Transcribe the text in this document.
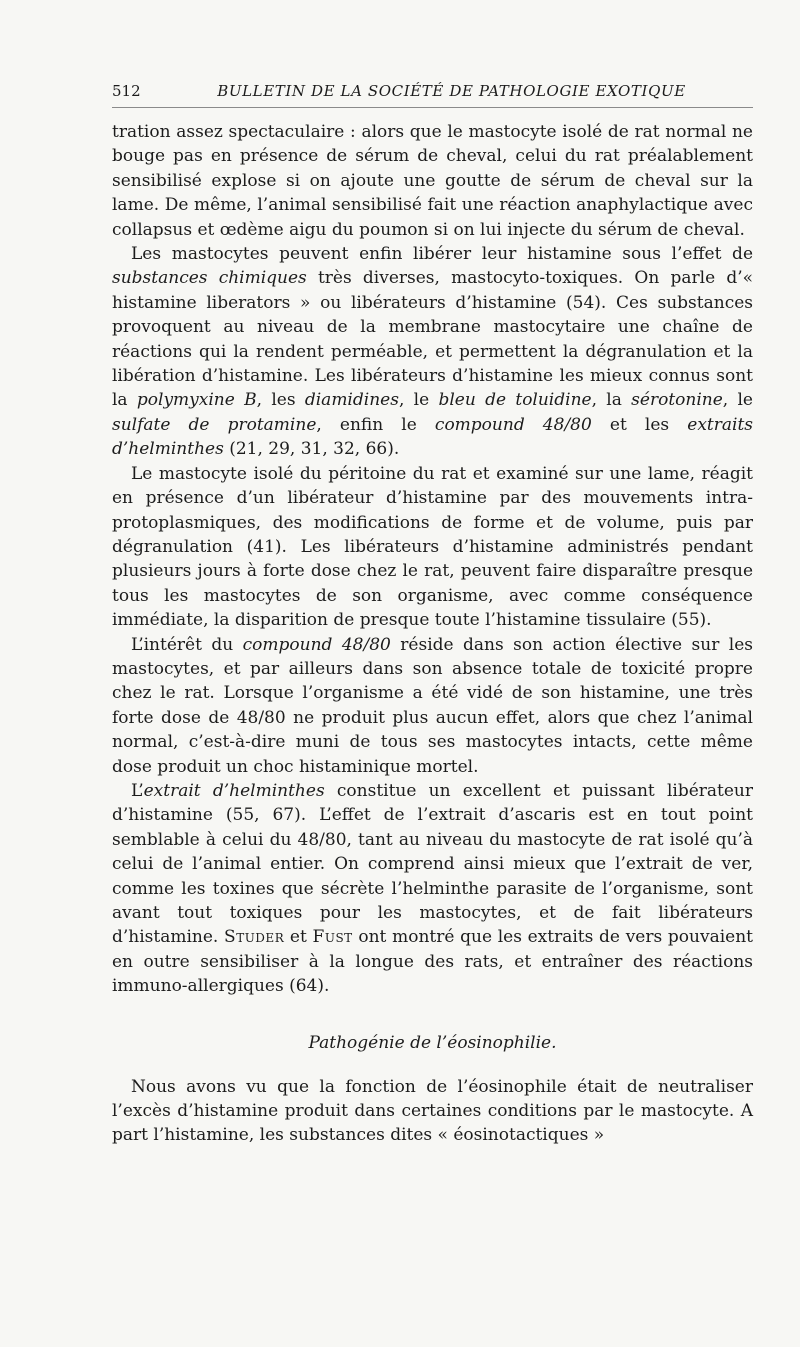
512	BULLETIN DE LA SOCIÉTÉ DE PATHOLOGIE EXOTIQUE

tration assez spectaculaire : alors que le mastocyte isolé de rat normal ne bouge pas en présence de sérum de cheval, celui du rat préalablement sensibilisé explose si on ajoute une goutte de sérum de cheval sur la lame. De même, l’animal sensibilisé fait une réaction anaphylactique avec collapsus et œdème aigu du poumon si on lui injecte du sérum de cheval.

Les mastocytes peuvent enfin libérer leur histamine sous l’effet de substances chimiques très diverses, mastocyto-toxiques. On parle d’« histamine liberators » ou libérateurs d’histamine (54). Ces substances provoquent au niveau de la membrane mastocytaire une chaîne de réactions qui la rendent perméable, et permettent la dégranulation et la libération d’histamine. Les libérateurs d’histamine les mieux connus sont la polymyxine B, les diamidines, le bleu de toluidine, la sérotonine, le sulfate de protamine, enfin le compound 48/80 et les extraits d’helminthes (21, 29, 31, 32, 66).

Le mastocyte isolé du péritoine du rat et examiné sur une lame, réagit en présence d’un libérateur d’histamine par des mouvements intra-protoplasmiques, des modifications de forme et de volume, puis par dégranulation (41). Les libérateurs d’histamine administrés pendant plusieurs jours à forte dose chez le rat, peuvent faire disparaître presque tous les mastocytes de son organisme, avec comme conséquence immédiate, la disparition de presque toute l’histamine tissulaire (55).

L’intérêt du compound 48/80 réside dans son action élective sur les mastocytes, et par ailleurs dans son absence totale de toxicité propre chez le rat. Lorsque l’organisme a été vidé de son histamine, une très forte dose de 48/80 ne produit plus aucun effet, alors que chez l’animal normal, c’est-à-dire muni de tous ses mastocytes intacts, cette même dose produit un choc histaminique mortel.

L’extrait d’helminthes constitue un excellent et puissant libérateur d’histamine (55, 67). L’effet de l’extrait d’ascaris est en tout point semblable à celui du 48/80, tant au niveau du mastocyte de rat isolé qu’à celui de l’animal entier. On comprend ainsi mieux que l’extrait de ver, comme les toxines que sécrète l’helminthe parasite de l’organisme, sont avant tout toxiques pour les mastocytes, et de fait libérateurs d’histamine. Studer et Fust ont montré que les extraits de vers pouvaient en outre sensibiliser à la longue des rats, et entraîner des réactions immuno-allergiques (64).

Pathogénie de l’éosinophilie.

Nous avons vu que la fonction de l’éosinophile était de neutraliser l’excès d’histamine produit dans certaines conditions par le mastocyte. A part l’histamine, les substances dites « éosinotactiques »
